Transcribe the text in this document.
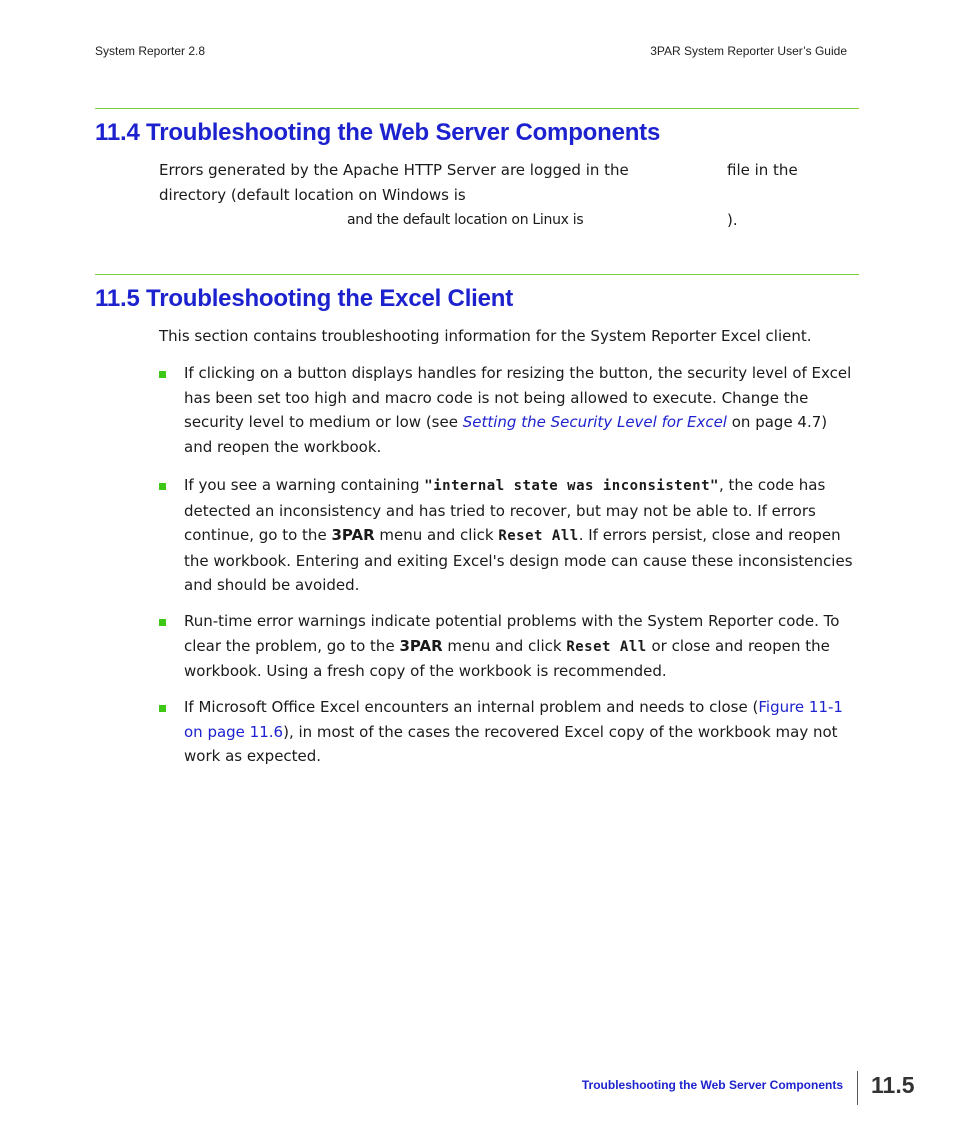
System Reporter 2.8	3PAR System Reporter User’s Guide
11.4 Troubleshooting the Web Server Components
Errors generated by the Apache HTTP Server are logged in the	file in the
directory (default location on Windows is
and the default location on Linux is	).
11.5 Troubleshooting the Excel Client
This section contains troubleshooting information for the System Reporter Excel client.
If clicking on a button displays handles for resizing the button, the security level of Excel has been set too high and macro code is not being allowed to execute. Change the security level to medium or low (see Setting the Security Level for Excel on page 4.7) and reopen the workbook.
If you see a warning containing "internal state was inconsistent", the code has detected an inconsistency and has tried to recover, but may not be able to. If errors continue, go to the 3PAR menu and click Reset All. If errors persist, close and reopen the workbook. Entering and exiting Excel's design mode can cause these inconsistencies and should be avoided.
Run-time error warnings indicate potential problems with the System Reporter code. To clear the problem, go to the 3PAR menu and click Reset All or close and reopen the workbook. Using a fresh copy of the workbook is recommended.
If Microsoft Office Excel encounters an internal problem and needs to close (Figure 11-1 on page 11.6), in most of the cases the recovered Excel copy of the workbook may not work as expected.
Troubleshooting the Web Server Components 11.5
